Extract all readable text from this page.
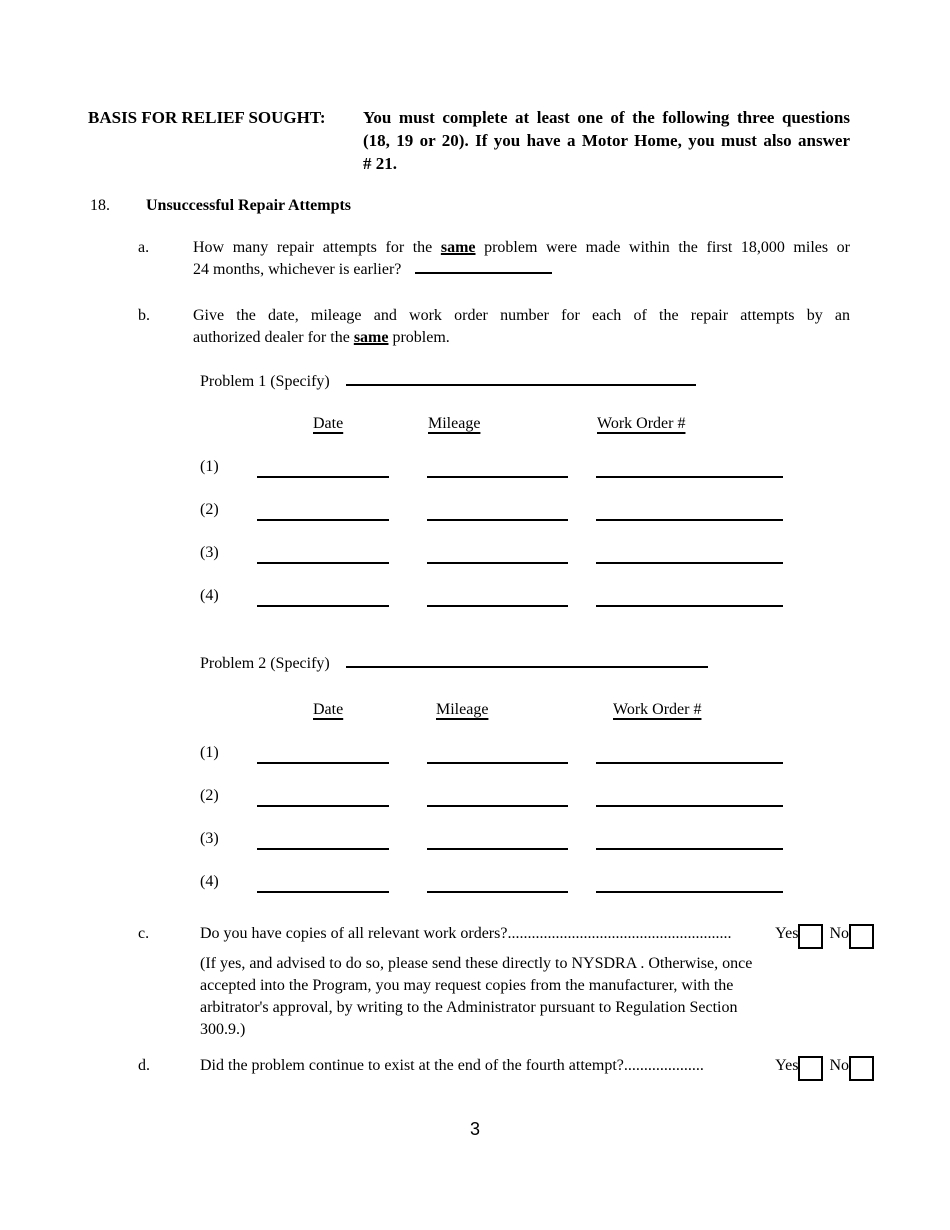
BASIS FOR RELIEF SOUGHT:	You must complete at least one of the following three questions
(18, 19 or 20). If you have a Motor Home, you must also answer
# 21.
18. Unsuccessful Repair Attempts
a.	How many repair attempts for the same problem were made within the first 18,000 miles or
24 months, whichever is earlier?
b.	Give the date, mileage and work order number for each of the repair attempts by an
authorized dealer for the same problem.
Problem 1 (Specify)
Date	Mileage	Work Order #
(1)
(2)
(3)
(4)
Problem 2 (Specify)
Date	Mileage	Work Order #
(1)
(2)
(3)
(4)
c.	Do you have copies of all relevant work orders? ........................................................	Yes No
(If yes, and advised to do so, please send these directly to NYSDRA . Otherwise, once
accepted into the Program, you may request copies from the manufacturer, with the
arbitrator's approval, by writing to the Administrator pursuant to Regulation Section
300.9.)
d.	Did the problem continue to exist at the end of the fourth attempt? ....................	Yes No
3
